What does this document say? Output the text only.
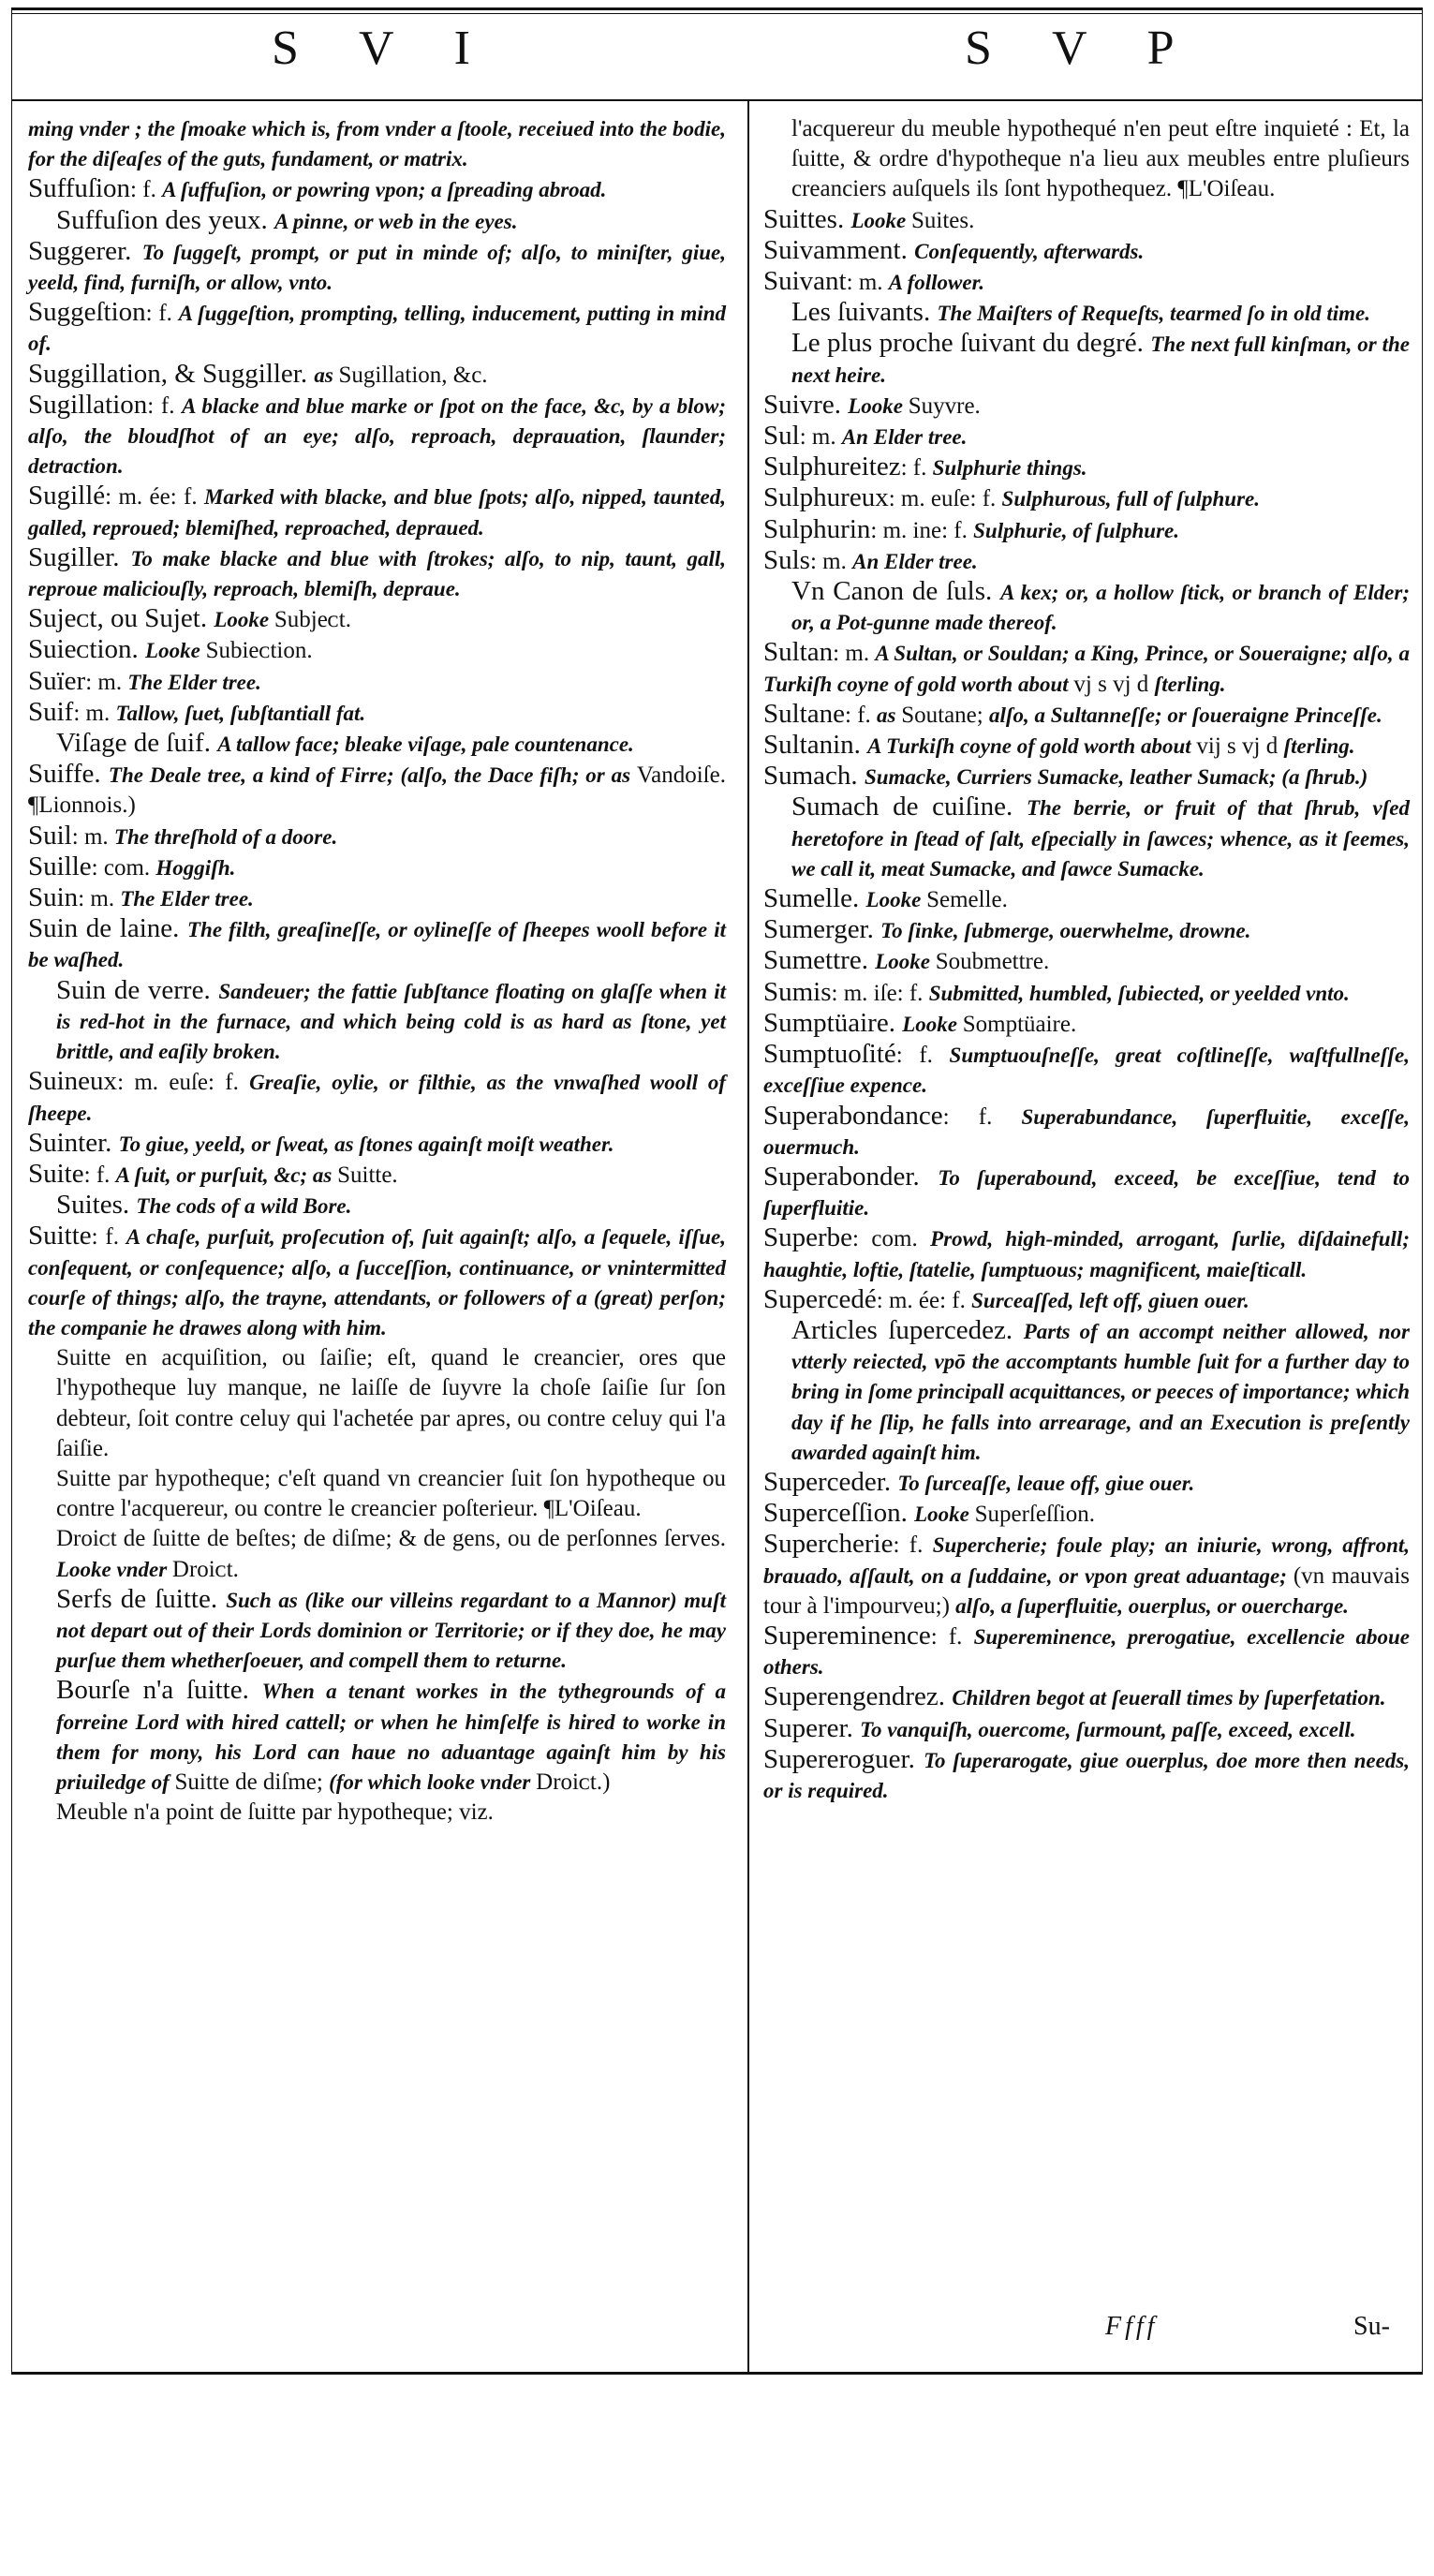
S V I	S V P

ming vnder ; the ſmoake which is, from vnder a ſtoole, receiued into the bodie, for the diſeaſes of the guts, fundament, or matrix.

Suffuſion: f. A ſuffuſion, or powring vpon; a ſpreading abroad.

Suffuſion des yeux. A pinne, or web in the eyes.

Suggerer. To ſuggeſt, prompt, or put in minde of; alſo, to miniſter, giue, yeeld, find, furniſh, or allow, vnto.

Suggeſtion: f. A ſuggeſtion, prompting, telling, inducement, putting in mind of.

Suggillation, & Suggiller. as Sugillation, &c.

Sugillation: f. A blacke and blue marke or ſpot on the face, &c, by a blow; alſo, the bloudſhot of an eye; alſo, reproach, deprauation, ſlaunder; detraction.

Sugillé: m. ée: f. Marked with blacke, and blue ſpots; alſo, nipped, taunted, galled, reproued; blemiſhed, reproached, depraued.

Sugiller. To make blacke and blue with ſtrokes; alſo, to nip, taunt, gall, reproue maliciouſly, reproach, blemiſh, depraue.

Sujeᴄt, ou Sujet. Looke Subjeᴄt.

Suieᴄtion. Looke Subieᴄtion.

Suïer: m. The Elder tree.

Suif: m. Tallow, ſuet, ſubſtantiall fat.

Viſage de ſuif. A tallow face; bleake viſage, pale countenance.

Suiffe. The Deale tree, a kind of Firre; (alſo, the Dace fiſh; or as Vandoiſe. ¶Lionnois.)

Suil: m. The threſhold of a doore.

Suille: com. Hoggiſh.

Suin: m. The Elder tree.

Suin de laine. The filth, greaſineſſe, or oylineſſe of ſheepes wooll before it be waſhed.

Suin de verre. Sandeuer; the fattie ſubſtance floating on glaſſe when it is red-hot in the furnace, and which being cold is as hard as ſtone, yet brittle, and eaſily broken.

Suineux: m. euſe: f. Greaſie, oylie, or filthie, as the vnwaſhed wooll of ſheepe.

Suinter. To giue, yeeld, or ſweat, as ſtones againſt moiſt weather.

Suite: f. A ſuit, or purſuit, &c; as Suitte.

Suites. The cods of a wild Bore.

Suitte: f. A chaſe, purſuit, proſecution of, ſuit againſt; alſo, a ſequele, iſſue, conſequent, or conſequence; alſo, a ſucceſſion, continuance, or vnintermitted courſe of things; alſo, the trayne, attendants, or followers of a (great) perſon; the companie he drawes along with him.

Suitte en acquiſition, ou ſaiſie; eſt, quand le creancier, ores que l'hypotheque luy manque, ne laiſſe de ſuyvre la choſe ſaiſie ſur ſon debteur, ſoit contre celuy qui l'achetée par apres, ou contre celuy qui l'a ſaiſie.

Suitte par hypotheque; c'eſt quand vn creancier ſuit ſon hypotheque ou contre l'acquereur, ou contre le creancier poſterieur. ¶L'Oiſeau.

Droiᴄt de ſuitte de beſtes; de diſme; & de gens, ou de perſonnes ſerves. Looke vnder Droiᴄt.

Serfs de ſuitte. Such as (like our villeins regardant to a Mannor) muſt not depart out of their Lords dominion or Territorie; or if they doe, he may purſue them whetherſoeuer, and compell them to returne.

Bourſe n'a ſuitte. When a tenant workes in the tythegrounds of a forreine Lord with hired cattell; or when he himſelfe is hired to worke in them for mony, his Lord can haue no aduantage againſt him by his priuiledge of Suitte de diſme; (for which looke vnder Droiᴄt.)

Meuble n'a point de ſuitte par hypotheque; viz.

l'acquereur du meuble hypothequé n'en peut eſtre inquieté : Et, la ſuitte, & ordre d'hypotheque n'a lieu aux meubles entre pluſieurs creanciers auſquels ils ſont hypothequez. ¶L'Oiſeau.

Suittes. Looke Suites.

Suivamment. Conſequently, afterwards.

Suivant: m. A follower.

Les ſuivants. The Maiſters of Requeſts, tearmed ſo in old time.

Le plus proche ſuivant du degré. The next full kinſman, or the next heire.

Suivre. Looke Suyvre.

Sul: m. An Elder tree.

Sulphureitez: f. Sulphurie things.

Sulphureux: m. euſe: f. Sulphurous, full of ſulphure.

Sulphurin: m. ine: f. Sulphurie, of ſulphure.

Suls: m. An Elder tree.

Vn Canon de ſuls. A kex; or, a hollow ſtick, or branch of Elder; or, a Pot-gunne made thereof.

Sultan: m. A Sultan, or Souldan; a King, Prince, or Soueraigne; alſo, a Turkiſh coyne of gold worth about vj s vj d ſterling.

Sultane: f. as Soutane; alſo, a Sultanneſſe; or ſoueraigne Princeſſe.

Sultanin. A Turkiſh coyne of gold worth about vij s vj d ſterling.

Sumach. Sumacke, Curriers Sumacke, leather Sumack; (a ſhrub.)

Sumach de cuiſine. The berrie, or fruit of that ſhrub, vſed heretofore in ſtead of ſalt, eſpecially in ſawces; whence, as it ſeemes, we call it, meat Sumacke, and ſawce Sumacke.

Sumelle. Looke Semelle.

Sumerger. To ſinke, ſubmerge, ouerwhelme, drowne.

Sumettre. Looke Soubmettre.

Sumis: m. iſe: f. Submitted, humbled, ſubiected, or yeelded vnto.

Sumptüaire. Looke Somptüaire.

Sumptuoſité: f. Sumptuouſneſſe, great coſtlineſſe, waſtfullneſſe, exceſſiue expence.

Superabondance: f. Superabundance, ſuperfluitie, exceſſe, ouermuch.

Superabonder. To ſuperabound, exceed, be exceſſiue, tend to ſuperfluitie.

Superbe: com. Prowd, high-minded, arrogant, ſurlie, diſdainefull; haughtie, loftie, ſtatelie, ſumptuous; magnificent, maieſticall.

Supercedé: m. ée: f. Surceaſſed, left off, giuen ouer.

Articles ſupercedez. Parts of an accompt neither allowed, nor vtterly reiected, vpō the accomptants humble ſuit for a further day to bring in ſome principall acquittances, or peeces of importance; which day if he ſlip, he falls into arrearage, and an Execution is preſently awarded againſt him.

Superceder. To ſurceaſſe, leaue off, giue ouer.

Superceſſion. Looke Superſeſſion.

Supercherie: f. Supercherie; foule play; an iniurie, wrong, affront, brauado, aſſault, on a ſuddaine, or vpon great aduantage; (vn mauvais tour à l'impourveu;) alſo, a ſuperfluitie, ouerplus, or ouercharge.

Supereminence: f. Supereminence, prerogatiue, excellencie aboue others.

Superengendrez. Children begot at ſeuerall times by ſuperfetation.

Superer. To vanquiſh, ouercome, ſurmount, paſſe, exceed, excell.

Supereroguer. To ſuperarogate, giue ouerplus, doe more then needs, or is required.

Ffff	Su-
